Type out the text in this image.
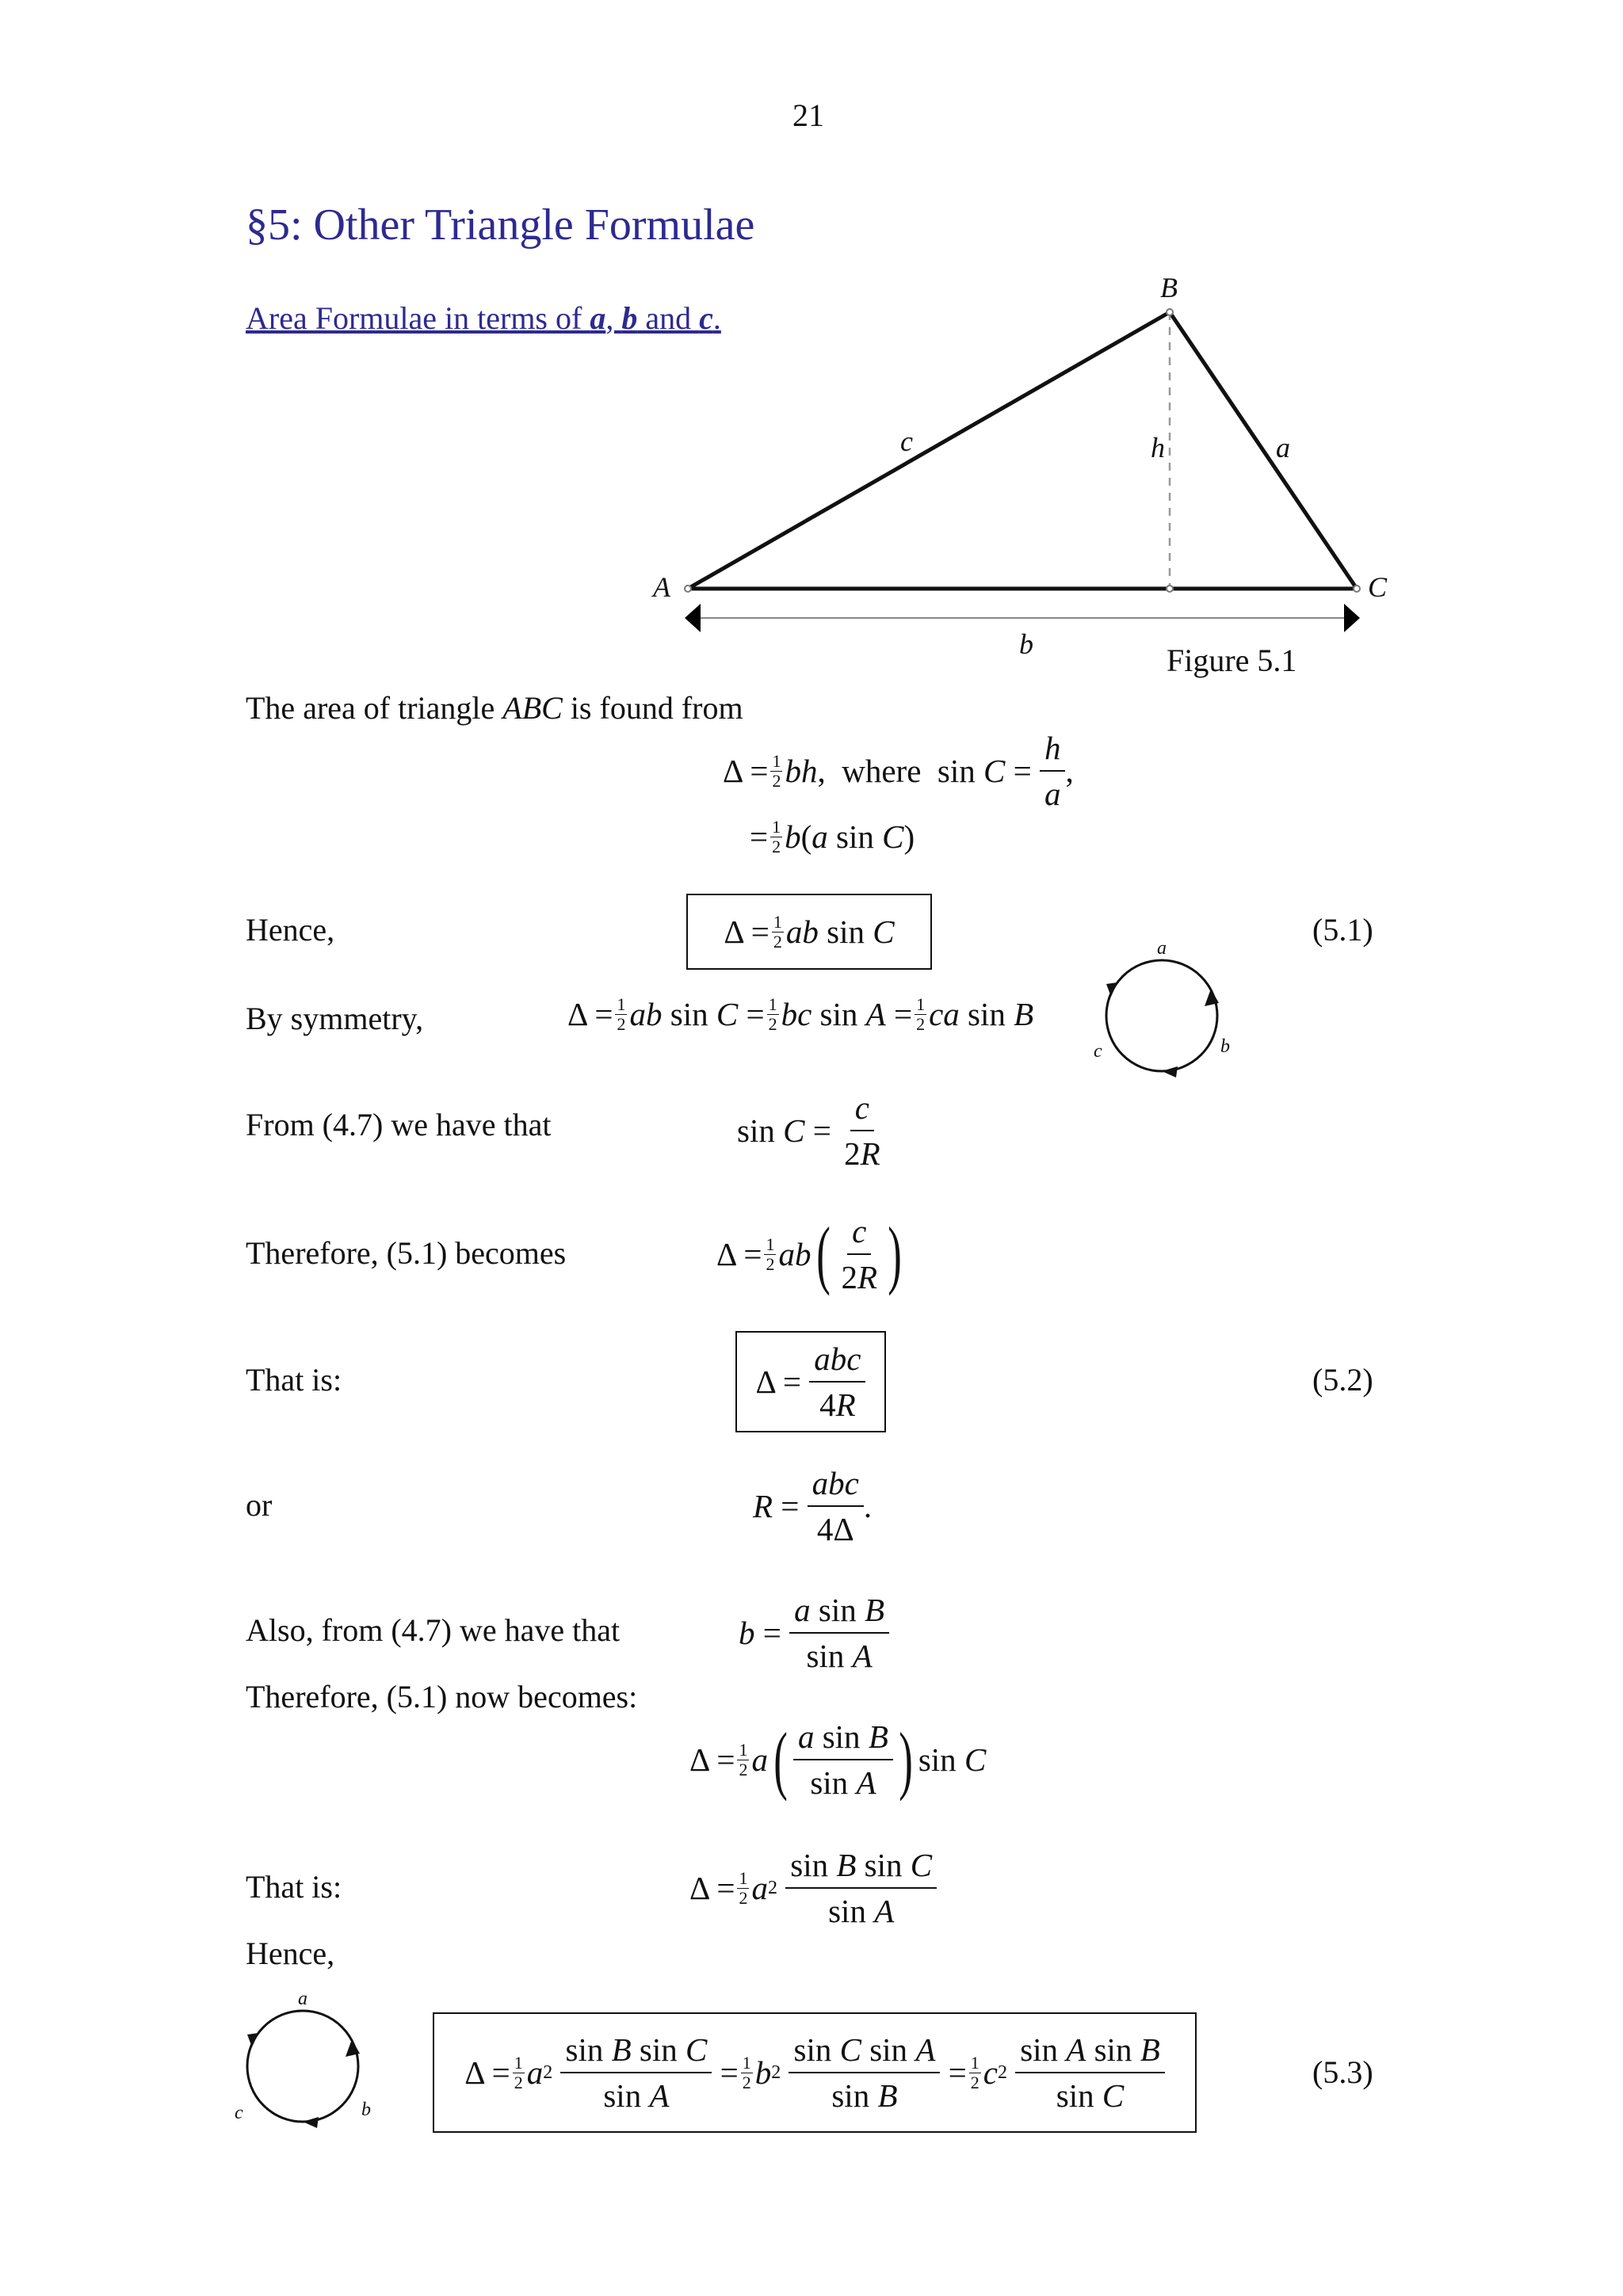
21
§5: Other Triangle Formulae
Area Formulae in terms of a, b and c.
B
A	C
c	h	a
b	Figure 5.1
The area of triangle ABC is found from
$\Delta = \frac{1}{2}$ bh ,  where  $\sin C = \frac{h}{a}$ ,
= $\frac{1}{2}$ b ( a sin C )
Hence,	$\Delta = \frac{1}{2}$ ab sin C	(5.1)
By symmetry,	$\Delta = \frac{1}{2}$ ab $\sin C = \frac{1}{2}$ bc $\sin A = \frac{1}{2}$ ca sin B
a
c	b
From (4.7) we have that	$\sin C = \frac{c}{2R}$
Therefore, (5.1) becomes	$\Delta = \frac{1}{2}$ ab ( $\frac{c}{2R}$ )
That is:	$\Delta = \frac{\text{abc}}{4R}$	(5.2)
or	$R = \frac{\text{abc}}{4\Delta}$ .
Also, from (4.7) we have that	$b = \frac{\text{a sin B}}{\text{sin A}}$
Therefore, (5.1) now becomes:
$\Delta = \frac{1}{2}$ a ( $\frac{\text{a sin B}}{\text{sin A}}$ ) sin C
That is:	$\Delta = \frac{1}{2}$ a 2
$\frac{\text{sin B sin C}}{\text{sin A}}$
Hence,
a
c	b
$\Delta = \frac{1}{2}$ a 2
$\frac{\text{sin B sin C}}{\text{sin A}} = \frac{1}{2}$ b 2
$\frac{\text{sin C sin A}}{\text{sin B}} = \frac{1}{2}$ c 2
$\frac{\text{sin A sin B}}{\text{sin C}}$	(5.3)
